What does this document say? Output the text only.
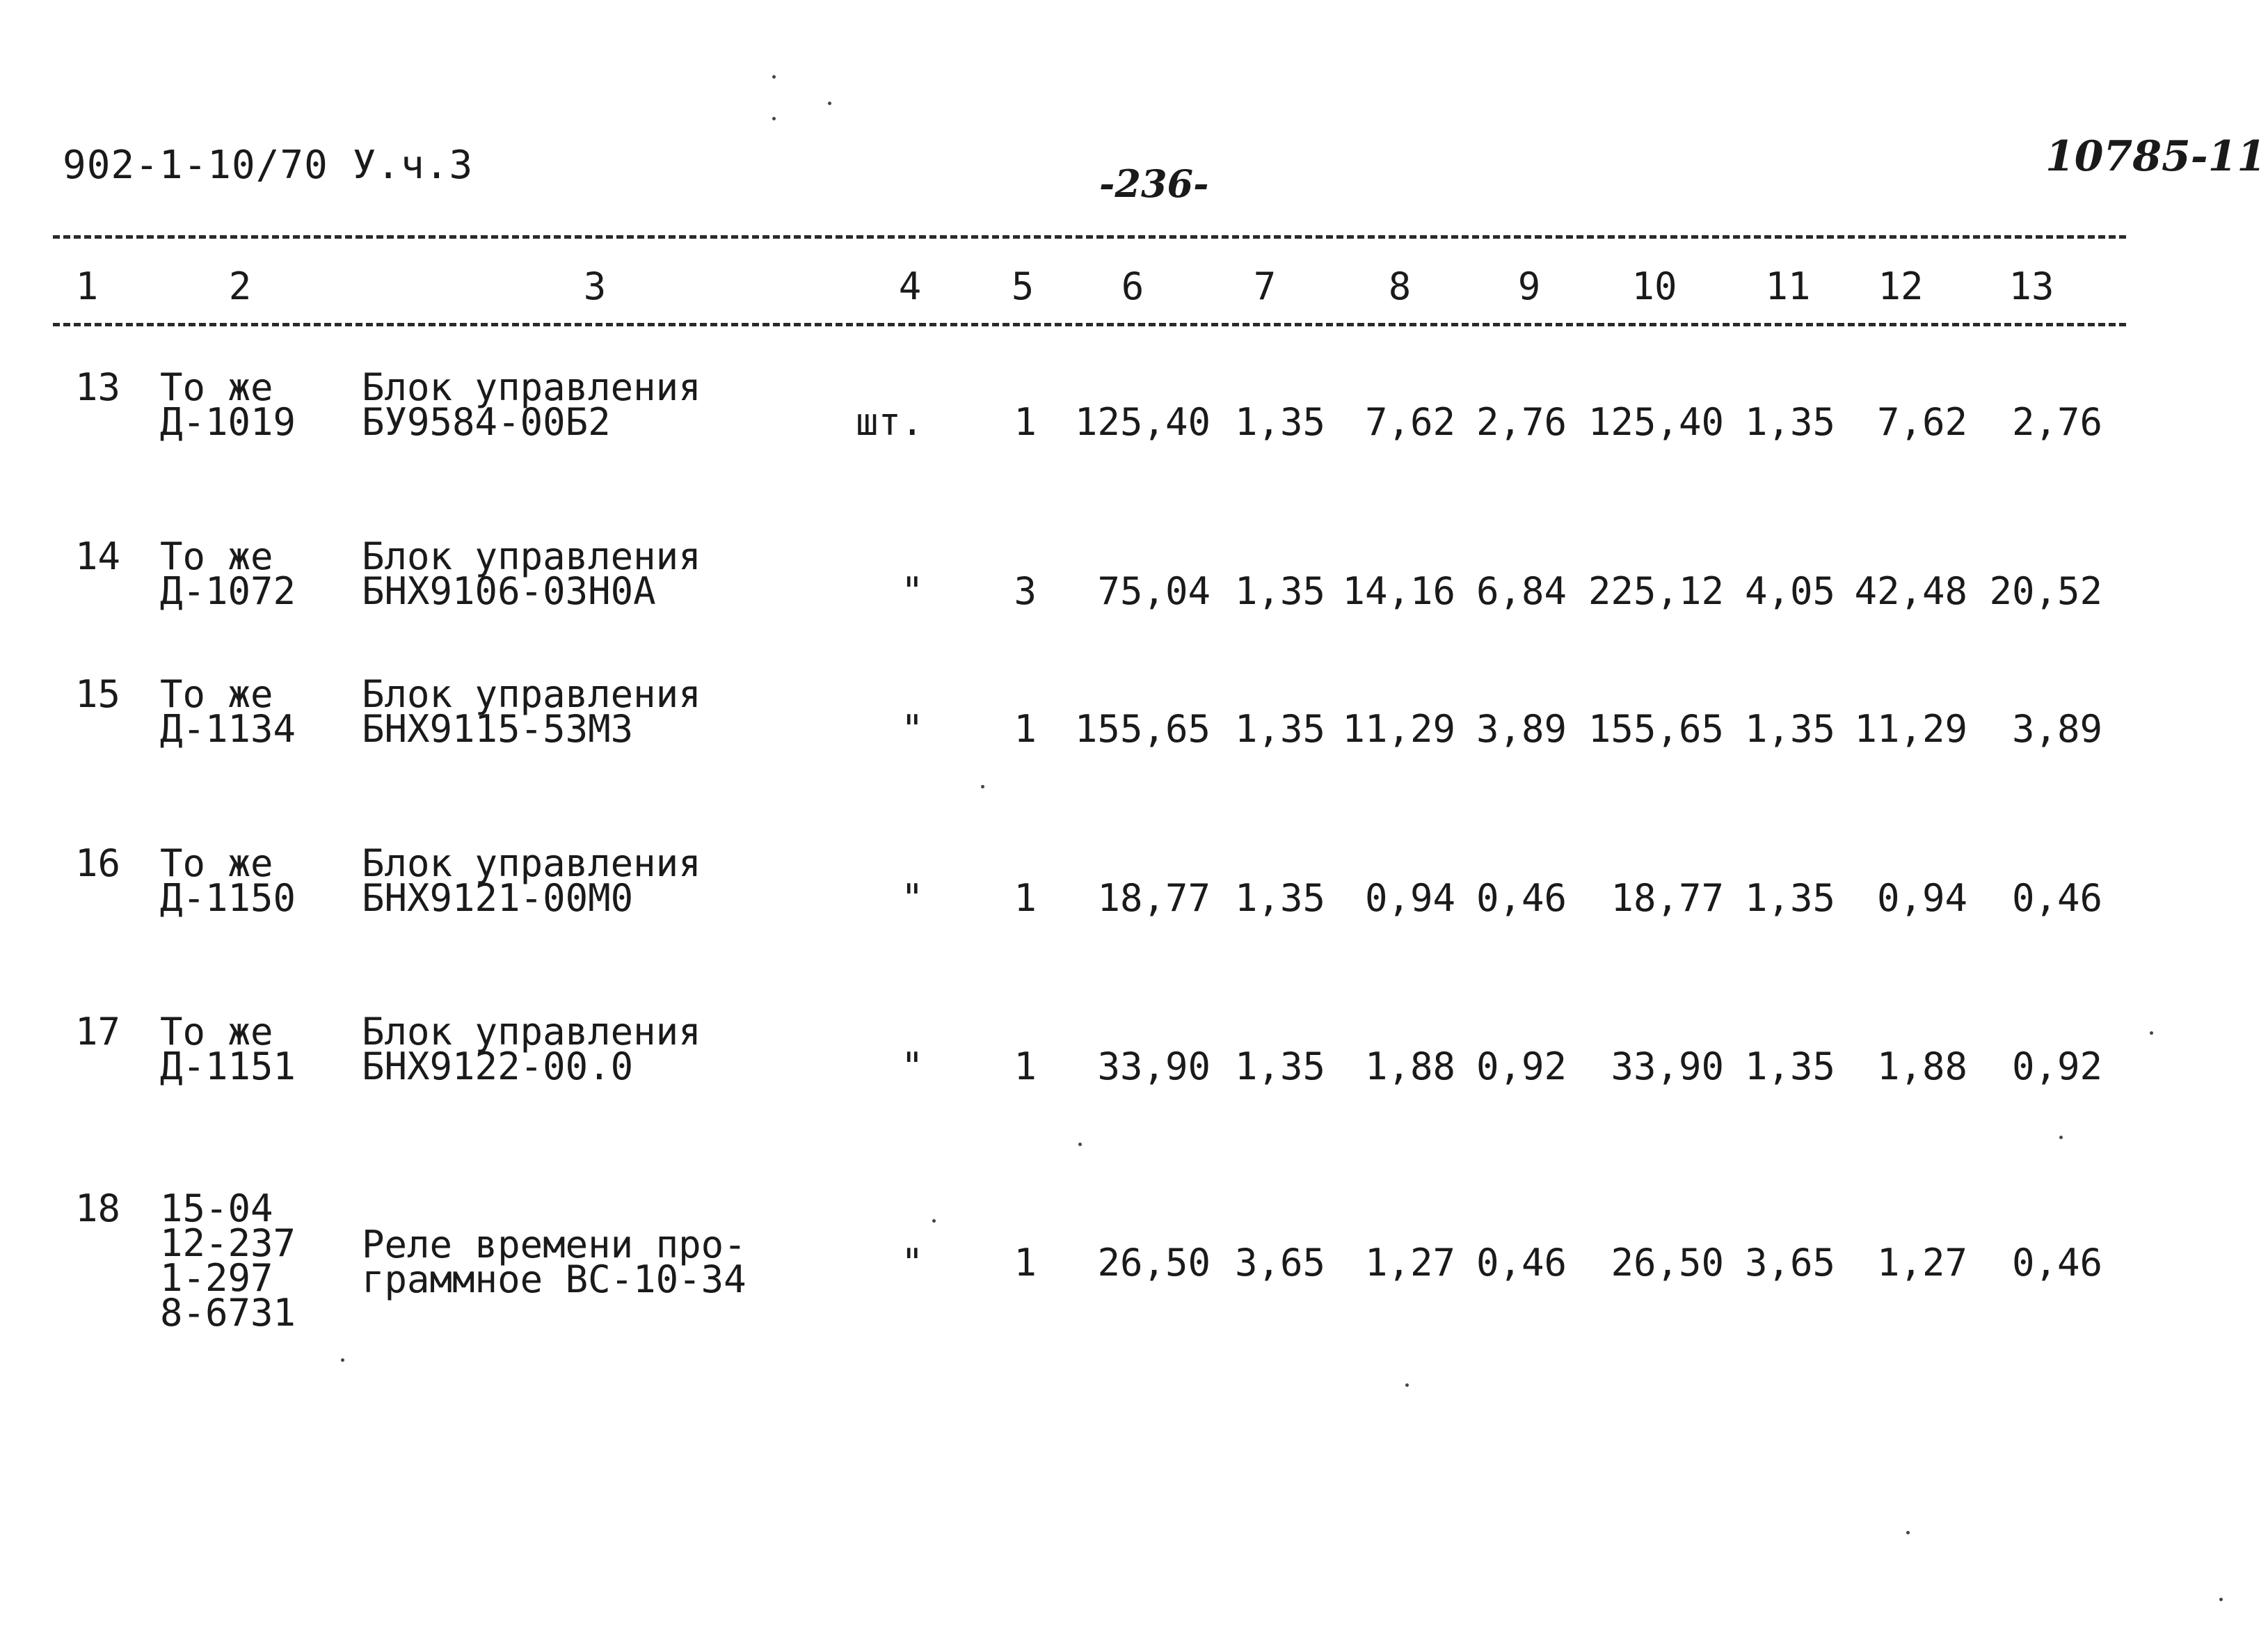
902-1-10/70 У.ч.3	-236-
10785-11
1	2	3	4	5	6	7	8	9	10 11 12 13
13 То же
Д-1019
Блок управления
БУ9584-00Б2	шт. 1 125,40 1,35 7,62 2,76 125,40 1,35 7,62 2,76
14 То же
Д-1072
Блок управления
БНХ9106-03Н0А	" 3 75,04 1,35 14,16 6,84 225,12 4,05 42,48 20,52
15 То же
Д-1134
Блок управления
БНХ9115-53М3	" 1 155,65 1,35 11,29 3,89 155,65 1,35 11,29 3,89
16 То же
Д-1150
Блок управления
БНХ9121-00М0	" 1 18,77 1,35 0,94 0,46 18,77 1,35 0,94 0,46
17 То же
Д-1151
Блок управления
БНХ9122-00.0	" 1 33,90 1,35 1,88 0,92 33,90 1,35 1,88 0,92
18 15-04
12-237
1-297
8-6731
Реле времени про-
граммное ВС-10-34	" 1 26,50 3,65 1,27 0,46 26,50 3,65 1,27 0,46
